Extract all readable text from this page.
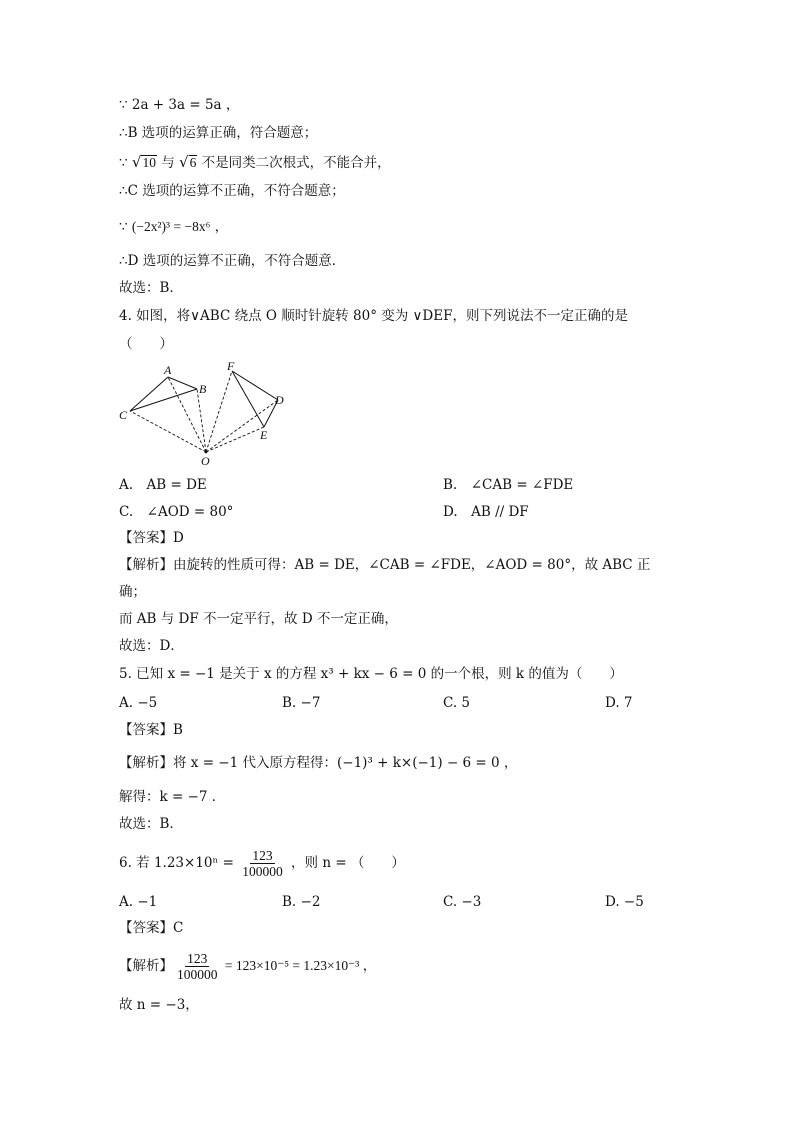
∵ 2a + 3a = 5a ，
∴B 选项的运算正确，符合题意；
∵ √10 与 √6 不是同类二次根式，不能合并，
∴C 选项的运算不正确，不符合题意；
∵ (−2x²)³ = −8x⁶ ，
∴D 选项的运算不正确，不符合题意．
故选：B．
4. 如图，将∨ABC 绕点 O 顺时针旋转 80° 变为 ∨DEF，则下列说法不一定正确的是
（　　）
A
B
C
F
D
E
O
A.　AB = DE	B.　∠CAB = ∠FDE
C.　∠AOD = 80°	D.　AB // DF
【答案】D
【解析】由旋转的性质可得：AB = DE，∠CAB = ∠FDE，∠AOD = 80°，故 ABC 正
确；
而 AB 与 DF 不一定平行，故 D 不一定正确，
故选：D．
5. 已知 x = −1 是关于 x 的方程 x³ + kx − 6 = 0 的一个根，则 k 的值为（　　）
A. −5	B. −7	C. 5	D. 7
【答案】B
【解析】将 x = −1 代入原方程得：(−1)³ + k×(−1) − 6 = 0 ，
解得：k = −7 ．
故选：B．
6. 若 $1.23\times 10^n = \frac{123}{100000}$ ，则 n = （　　）
A. −1	B. −2	C. −3	D. −5
【答案】C
【解析】 $\frac{123}{100000} = 123\times 10^{-5} = 1.23\times 10^{-3}$ ，
故 n = −3，
